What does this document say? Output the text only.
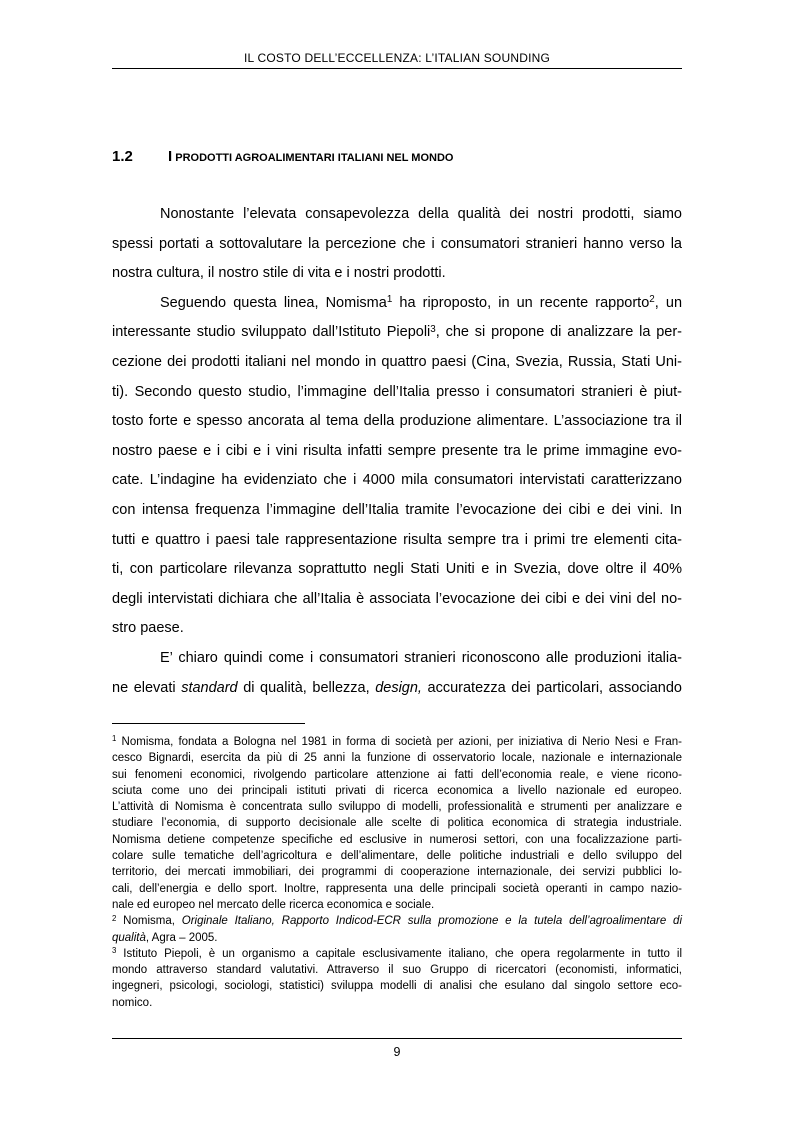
IL COSTO DELL’ECCELLENZA: L’ITALIAN SOUNDING
1.2	I PRODOTTI AGROALIMENTARI ITALIANI NEL MONDO
Nonostante l’elevata consapevolezza della qualità dei nostri prodotti, siamo
spessi portati a sottovalutare la percezione che i consumatori stranieri hanno verso la
nostra cultura, il nostro stile di vita e i nostri prodotti.
Seguendo questa linea, Nomisma$^1$ ha riproposto, in un recente rapporto$^2$, un
interessante studio sviluppato dall’Istituto Piepoli$^3$, che si propone di analizzare la per-
cezione dei prodotti italiani nel mondo in quattro paesi (Cina, Svezia, Russia, Stati Uni-
ti). Secondo questo studio, l’immagine dell’Italia presso i consumatori stranieri è piut-
tosto forte e spesso ancorata al tema della produzione alimentare. L’associazione tra il
nostro paese e i cibi e i vini risulta infatti sempre presente tra le prime immagine evo-
cate. L’indagine ha evidenziato che i 4000 mila consumatori intervistati caratterizzano
con intensa frequenza l’immagine dell’Italia tramite l’evocazione dei cibi e dei vini. In
tutti e quattro i paesi tale rappresentazione risulta sempre tra i primi tre elementi cita-
ti, con particolare rilevanza soprattutto negli Stati Uniti e in Svezia, dove oltre il 40%
degli intervistati dichiara che all’Italia è associata l’evocazione dei cibi e dei vini del no-
stro paese.
E’ chiaro quindi come i consumatori stranieri riconoscono alle produzioni italia-
ne elevati standard di qualità, bellezza, design, accuratezza dei particolari, associando
$^1$ Nomisma, fondata a Bologna nel 1981 in forma di società per azioni, per iniziativa di Nerio Nesi e Fran-
cesco Bignardi, esercita da più di 25 anni la funzione di osservatorio locale, nazionale e internazionale
sui fenomeni economici, rivolgendo particolare attenzione ai fatti dell’economia reale, e viene ricono-
sciuta come uno dei principali istituti privati di ricerca economica a livello nazionale ed europeo.
L’attività di Nomisma è concentrata sullo sviluppo di modelli, professionalità e strumenti per analizzare e
studiare l’economia, di supporto decisionale alle scelte di politica economica di strategia industriale.
Nomisma detiene competenze specifiche ed esclusive in numerosi settori, con una focalizzazione parti-
colare sulle tematiche dell’agricoltura e dell’alimentare, delle politiche industriali e dello sviluppo del
territorio, dei mercati immobiliari, dei programmi di cooperazione internazionale, dei servizi pubblici lo-
cali, dell’energia e dello sport. Inoltre, rappresenta una delle principali società operanti in campo nazio-
nale ed europeo nel mercato delle ricerca economica e sociale.
$^2$ Nomisma, Originale Italiano, Rapporto Indicod-ECR sulla promozione e la tutela dell’agroalimentare di
qualità, Agra – 2005.
$^3$ Istituto Piepoli, è un organismo a capitale esclusivamente italiano, che opera regolarmente in tutto il
mondo attraverso standard valutativi. Attraverso il suo Gruppo di ricercatori (economisti, informatici,
ingegneri, psicologi, sociologi, statistici) sviluppa modelli di analisi che esulano dal singolo settore eco-
nomico.
9
